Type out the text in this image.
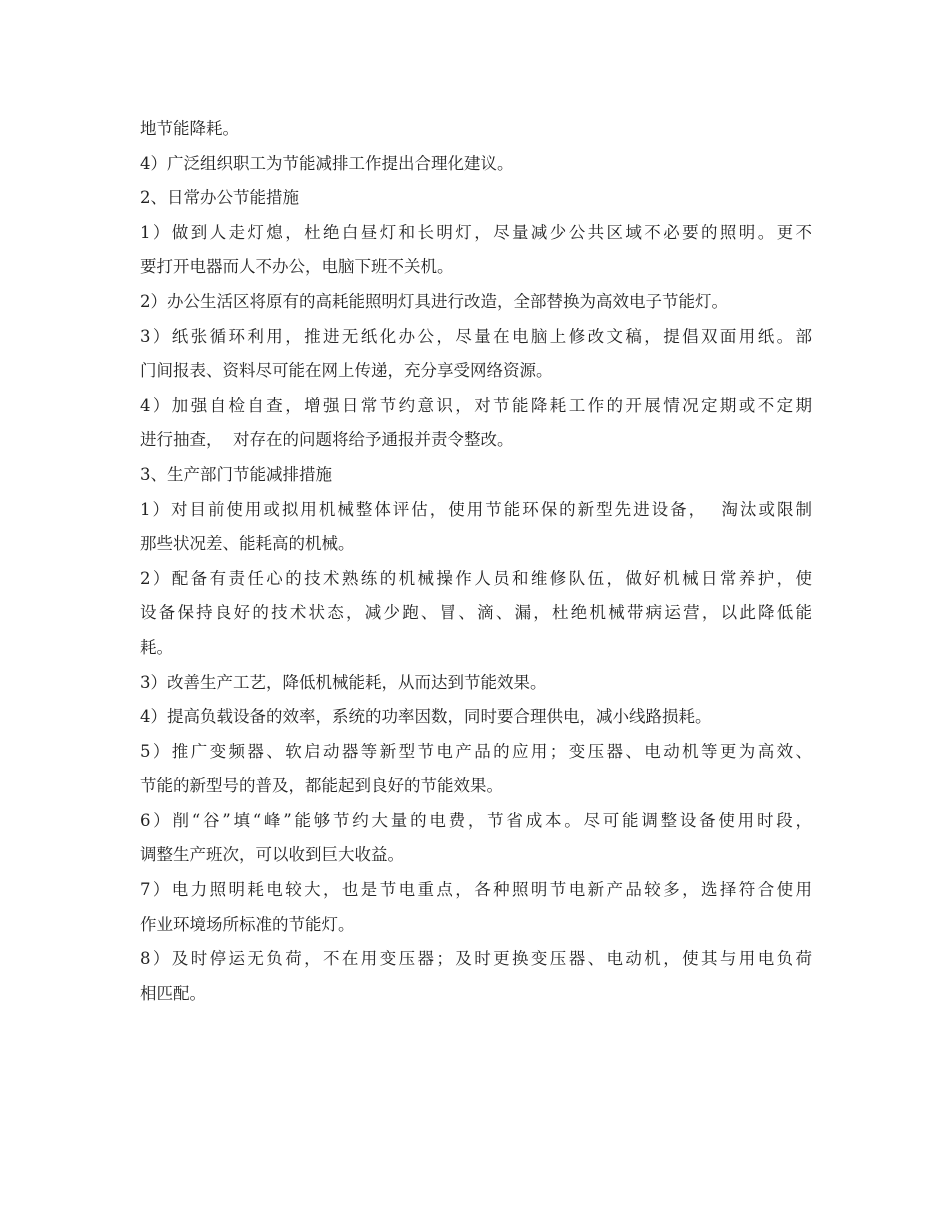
地节能降耗。
4）广泛组织职工为节能减排工作提出合理化建议。
2、日常办公节能措施
1）做到人走灯熄，杜绝白昼灯和长明灯，尽量减少公共区域不必要的照明。更不
要打开电器而人不办公，电脑下班不关机。
2）办公生活区将原有的高耗能照明灯具进行改造，全部替换为高效电子节能灯。
3）纸张循环利用，推进无纸化办公，尽量在电脑上修改文稿，提倡双面用纸。部
门间报表、资料尽可能在网上传递，充分享受网络资源。
4）加强自检自查，增强日常节约意识，对节能降耗工作的开展情况定期或不定期
进行抽查，  对存在的问题将给予通报并责令整改。
3、生产部门节能减排措施
1）对目前使用或拟用机械整体评估，使用节能环保的新型先进设备，  淘汰或限制
那些状况差、能耗高的机械。
2）配备有责任心的技术熟练的机械操作人员和维修队伍，做好机械日常养护，使
设备保持良好的技术状态，减少跑、冒、滴、漏，杜绝机械带病运营，以此降低能
耗。
3）改善生产工艺，降低机械能耗，从而达到节能效果。
4）提高负载设备的效率，系统的功率因数，同时要合理供电，减小线路损耗。
5）推广变频器、软启动器等新型节电产品的应用；变压器、电动机等更为高效、
节能的新型号的普及，都能起到良好的节能效果。
6）削“谷”填“峰”能够节约大量的电费，节省成本。尽可能调整设备使用时段，
调整生产班次，可以收到巨大收益。
7）电力照明耗电较大，也是节电重点，各种照明节电新产品较多，选择符合使用
作业环境场所标准的节能灯。
8）及时停运无负荷，不在用变压器；及时更换变压器、电动机，使其与用电负荷
相匹配。
